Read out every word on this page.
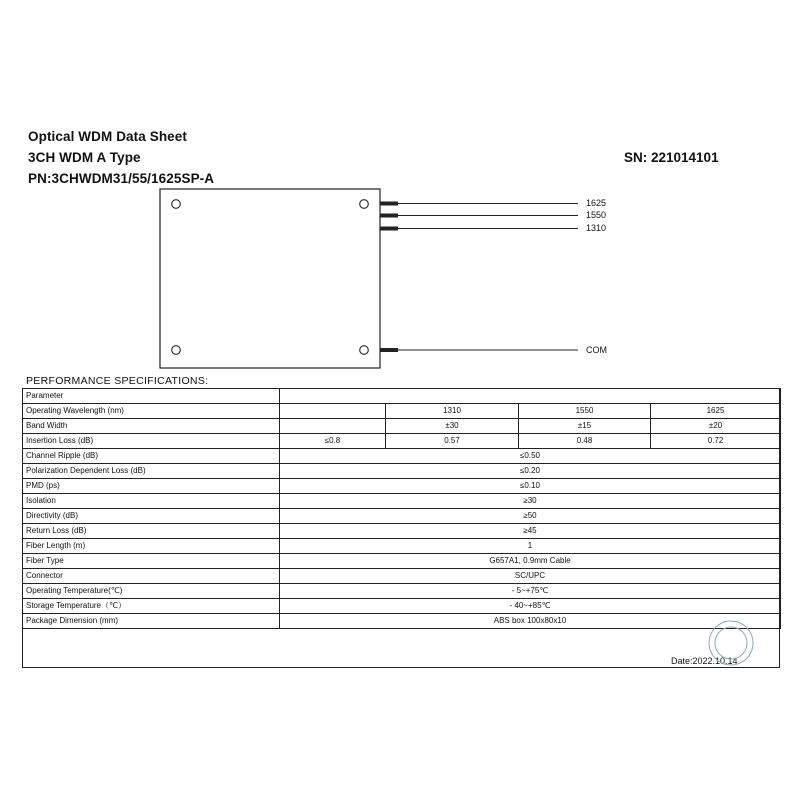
Optical WDM Data Sheet
3CH WDM A Type
PN:3CHWDM31/55/1625SP-A
SN: 221014101
1625
1550
1310
COM
PERFORMANCE SPECIFICATIONS:
Parameter				
Operating Wavelength (nm)		1310	1550	1625
Band Width		±30	±15	±20
Insertion Loss (dB)	≤0.8	0.57	0.48	0.72
Channel Ripple (dB)	≤0.50			
Polarization Dependent Loss (dB)	≤0.20			
PMD (ps)	≤0.10			
Isolation	≥30			
Directivity (dB)	≥50			
Return Loss (dB)	≥45			
Fiber Length (m)	1			
Fiber Type	G657A1, 0.9mm Cable			
Connector	SC/UPC			
Operating Temperature(℃)	- 5~+75℃			
Storage Temperature（℃）	- 40~+85℃			
Package Dimension (mm)	ABS box 100x80x10			
Date:2022.10.14
